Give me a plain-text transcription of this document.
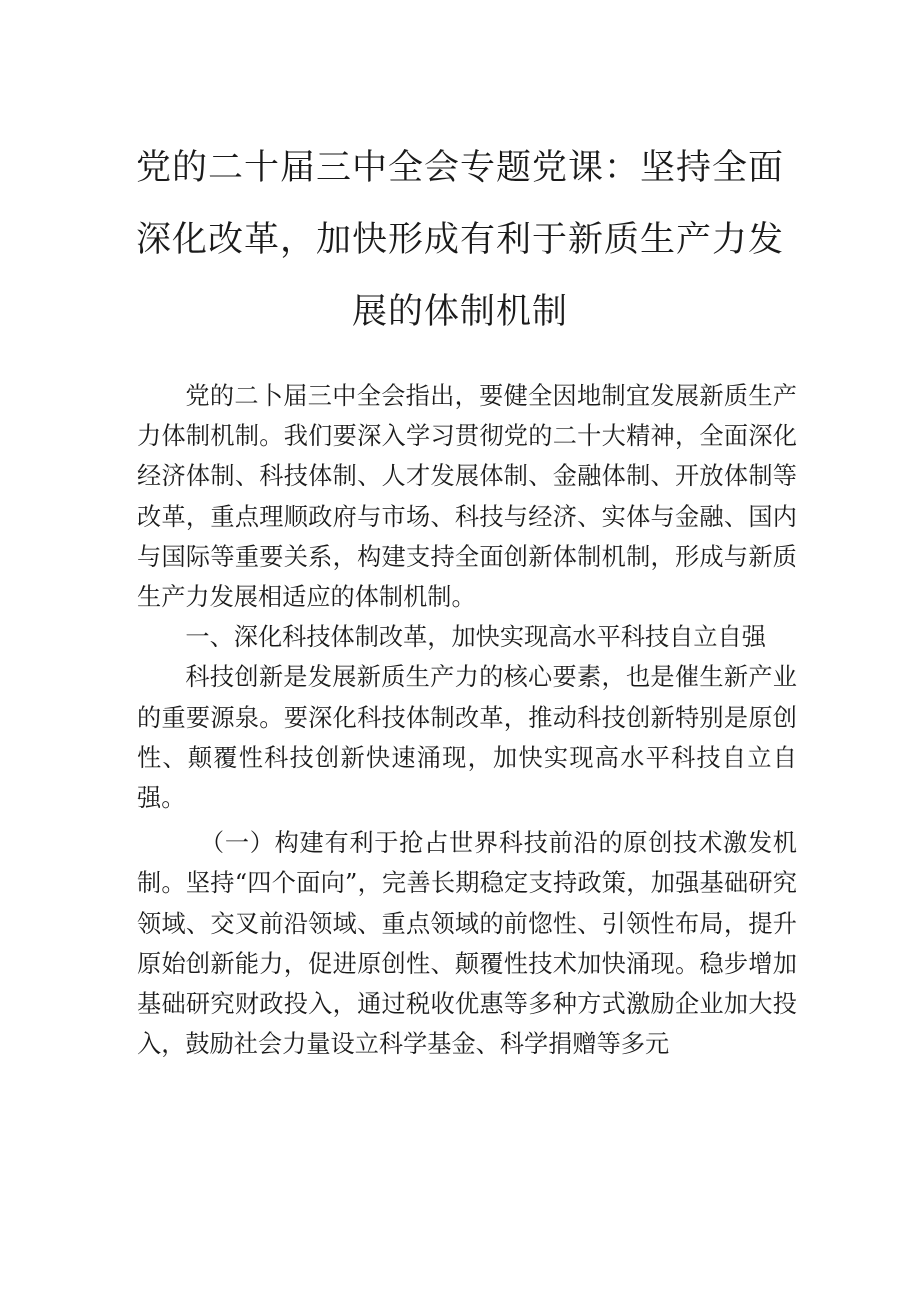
党的二十届三中全会专题党课：坚持全面
深化改革，加快形成有利于新质生产力发
展的体制机制

党的二卜届三中全会指出，要健全因地制宜发展新质生产力体制机制。我们要深入学习贯彻党的二十大精神，全面深化经济体制、科技体制、人才发展体制、金融体制、开放体制等改革，重点理顺政府与市场、科技与经济、实体与金融、国内与国际等重要关系，构建支持全面创新体制机制，形成与新质生产力发展相适应的体制机制。

一、深化科技体制改革，加快实现高水平科技自立自强

科技创新是发展新质生产力的核心要素，也是催生新产业的重要源泉。要深化科技体制改革，推动科技创新特别是原创性、颠覆性科技创新快速涌现，加快实现高水平科技自立自强。

（一）构建有利于抢占世界科技前沿的原创技术激发机制。坚持“四个面向”，完善长期稳定支持政策，加强基础研究领域、交叉前沿领域、重点领域的前惚性、引领性布局，提升原始创新能力，促进原创性、颠覆性技术加快涌现。稳步增加基础研究财政投入，通过税收优惠等多种方式激励企业加大投入，鼓励社会力量设立科学基金、科学捐赠等多元
